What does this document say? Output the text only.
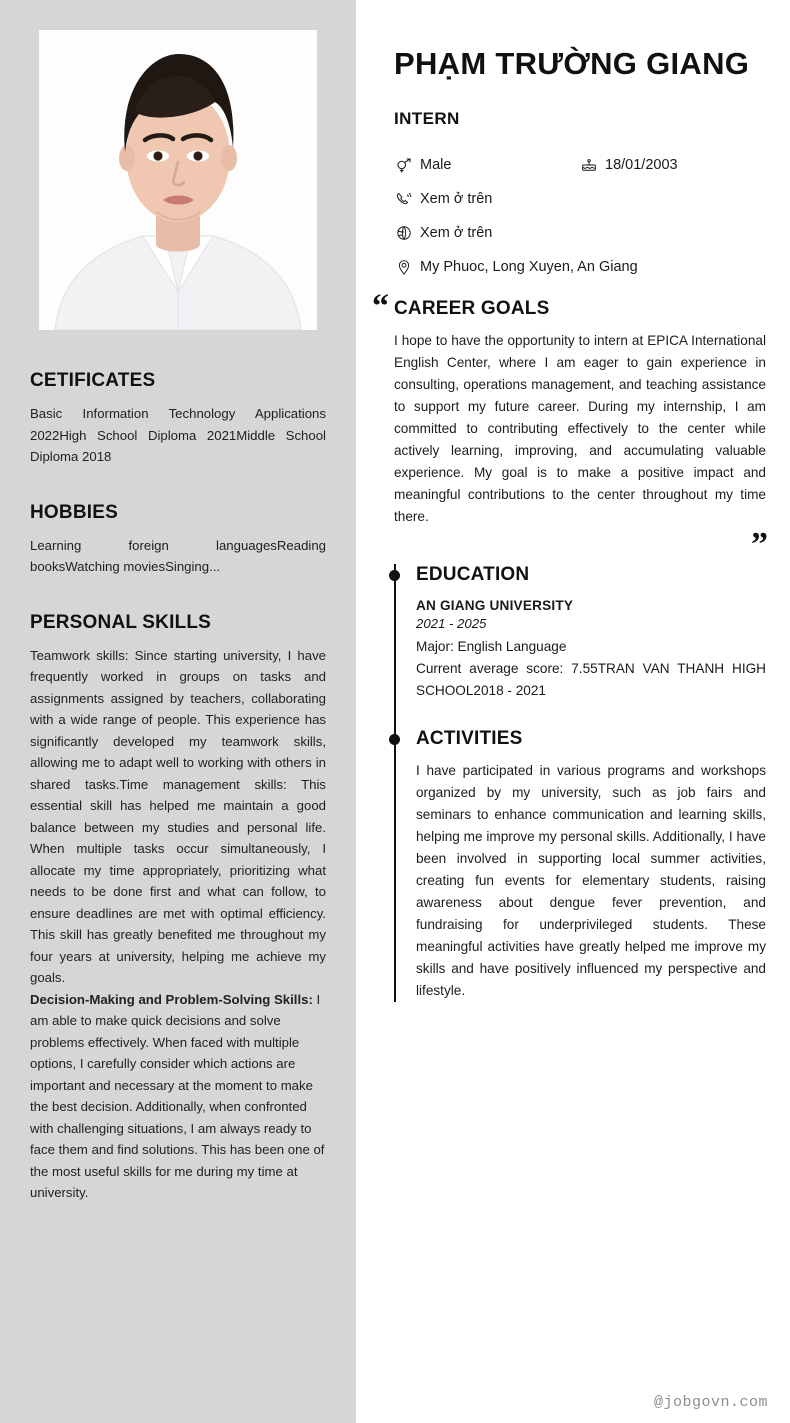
CETIFICATES

Basic Information Technology Applications 2022High School Diploma 2021Middle School Diploma 2018

HOBBIES

Learning foreign languagesReading booksWatching moviesSinging...

PERSONAL SKILLS

Teamwork skills: Since starting university, I have frequently worked in groups on tasks and assignments assigned by teachers, collaborating with a wide range of people. This experience has significantly developed my teamwork skills, allowing me to adapt well to working with others in shared tasks.Time management skills: This essential skill has helped me maintain a good balance between my studies and personal life. When multiple tasks occur simultaneously, I allocate my time appropriately, prioritizing what needs to be done first and what can follow, to ensure deadlines are met with optimal efficiency. This skill has greatly benefited me throughout my four years at university, helping me achieve my goals.

Decision-Making and Problem-Solving Skills: I am able to make quick decisions and solve problems effectively. When faced with multiple options, I carefully consider which actions are important and necessary at the moment to make the best decision. Additionally, when confronted with challenging situations, I am always ready to face them and find solutions. This has been one of the most useful skills for me during my time at university.

PHẠM TRƯỜNG GIANG
INTERN
Male	18/01/2003
Xem ở trên
Xem ở trên
My Phuoc, Long Xuyen, An Giang
“ CAREER GOALS

I hope to have the opportunity to intern at EPICA International English Center, where I am eager to gain experience in consulting, operations management, and teaching assistance to support my future career. During my internship, I am committed to contributing effectively to the center while actively learning, improving, and accumulating valuable experience. My goal is to make a positive impact and meaningful contributions to the center throughout my time there.

”
EDUCATION

AN GIANG UNIVERSITY

2021 - 2025

Major: English Language

Current average score: 7.55TRAN VAN THANH HIGH SCHOOL2018 - 2021

ACTIVITIES

I have participated in various programs and workshops organized by my university, such as job fairs and seminars to enhance communication and learning skills, helping me improve my personal skills. Additionally, I have been involved in supporting local summer activities, creating fun events for elementary students, raising awareness about dengue fever prevention, and fundraising for underprivileged students. These meaningful activities have greatly helped me improve my skills and have positively influenced my perspective and lifestyle.

@jobgovn.com
